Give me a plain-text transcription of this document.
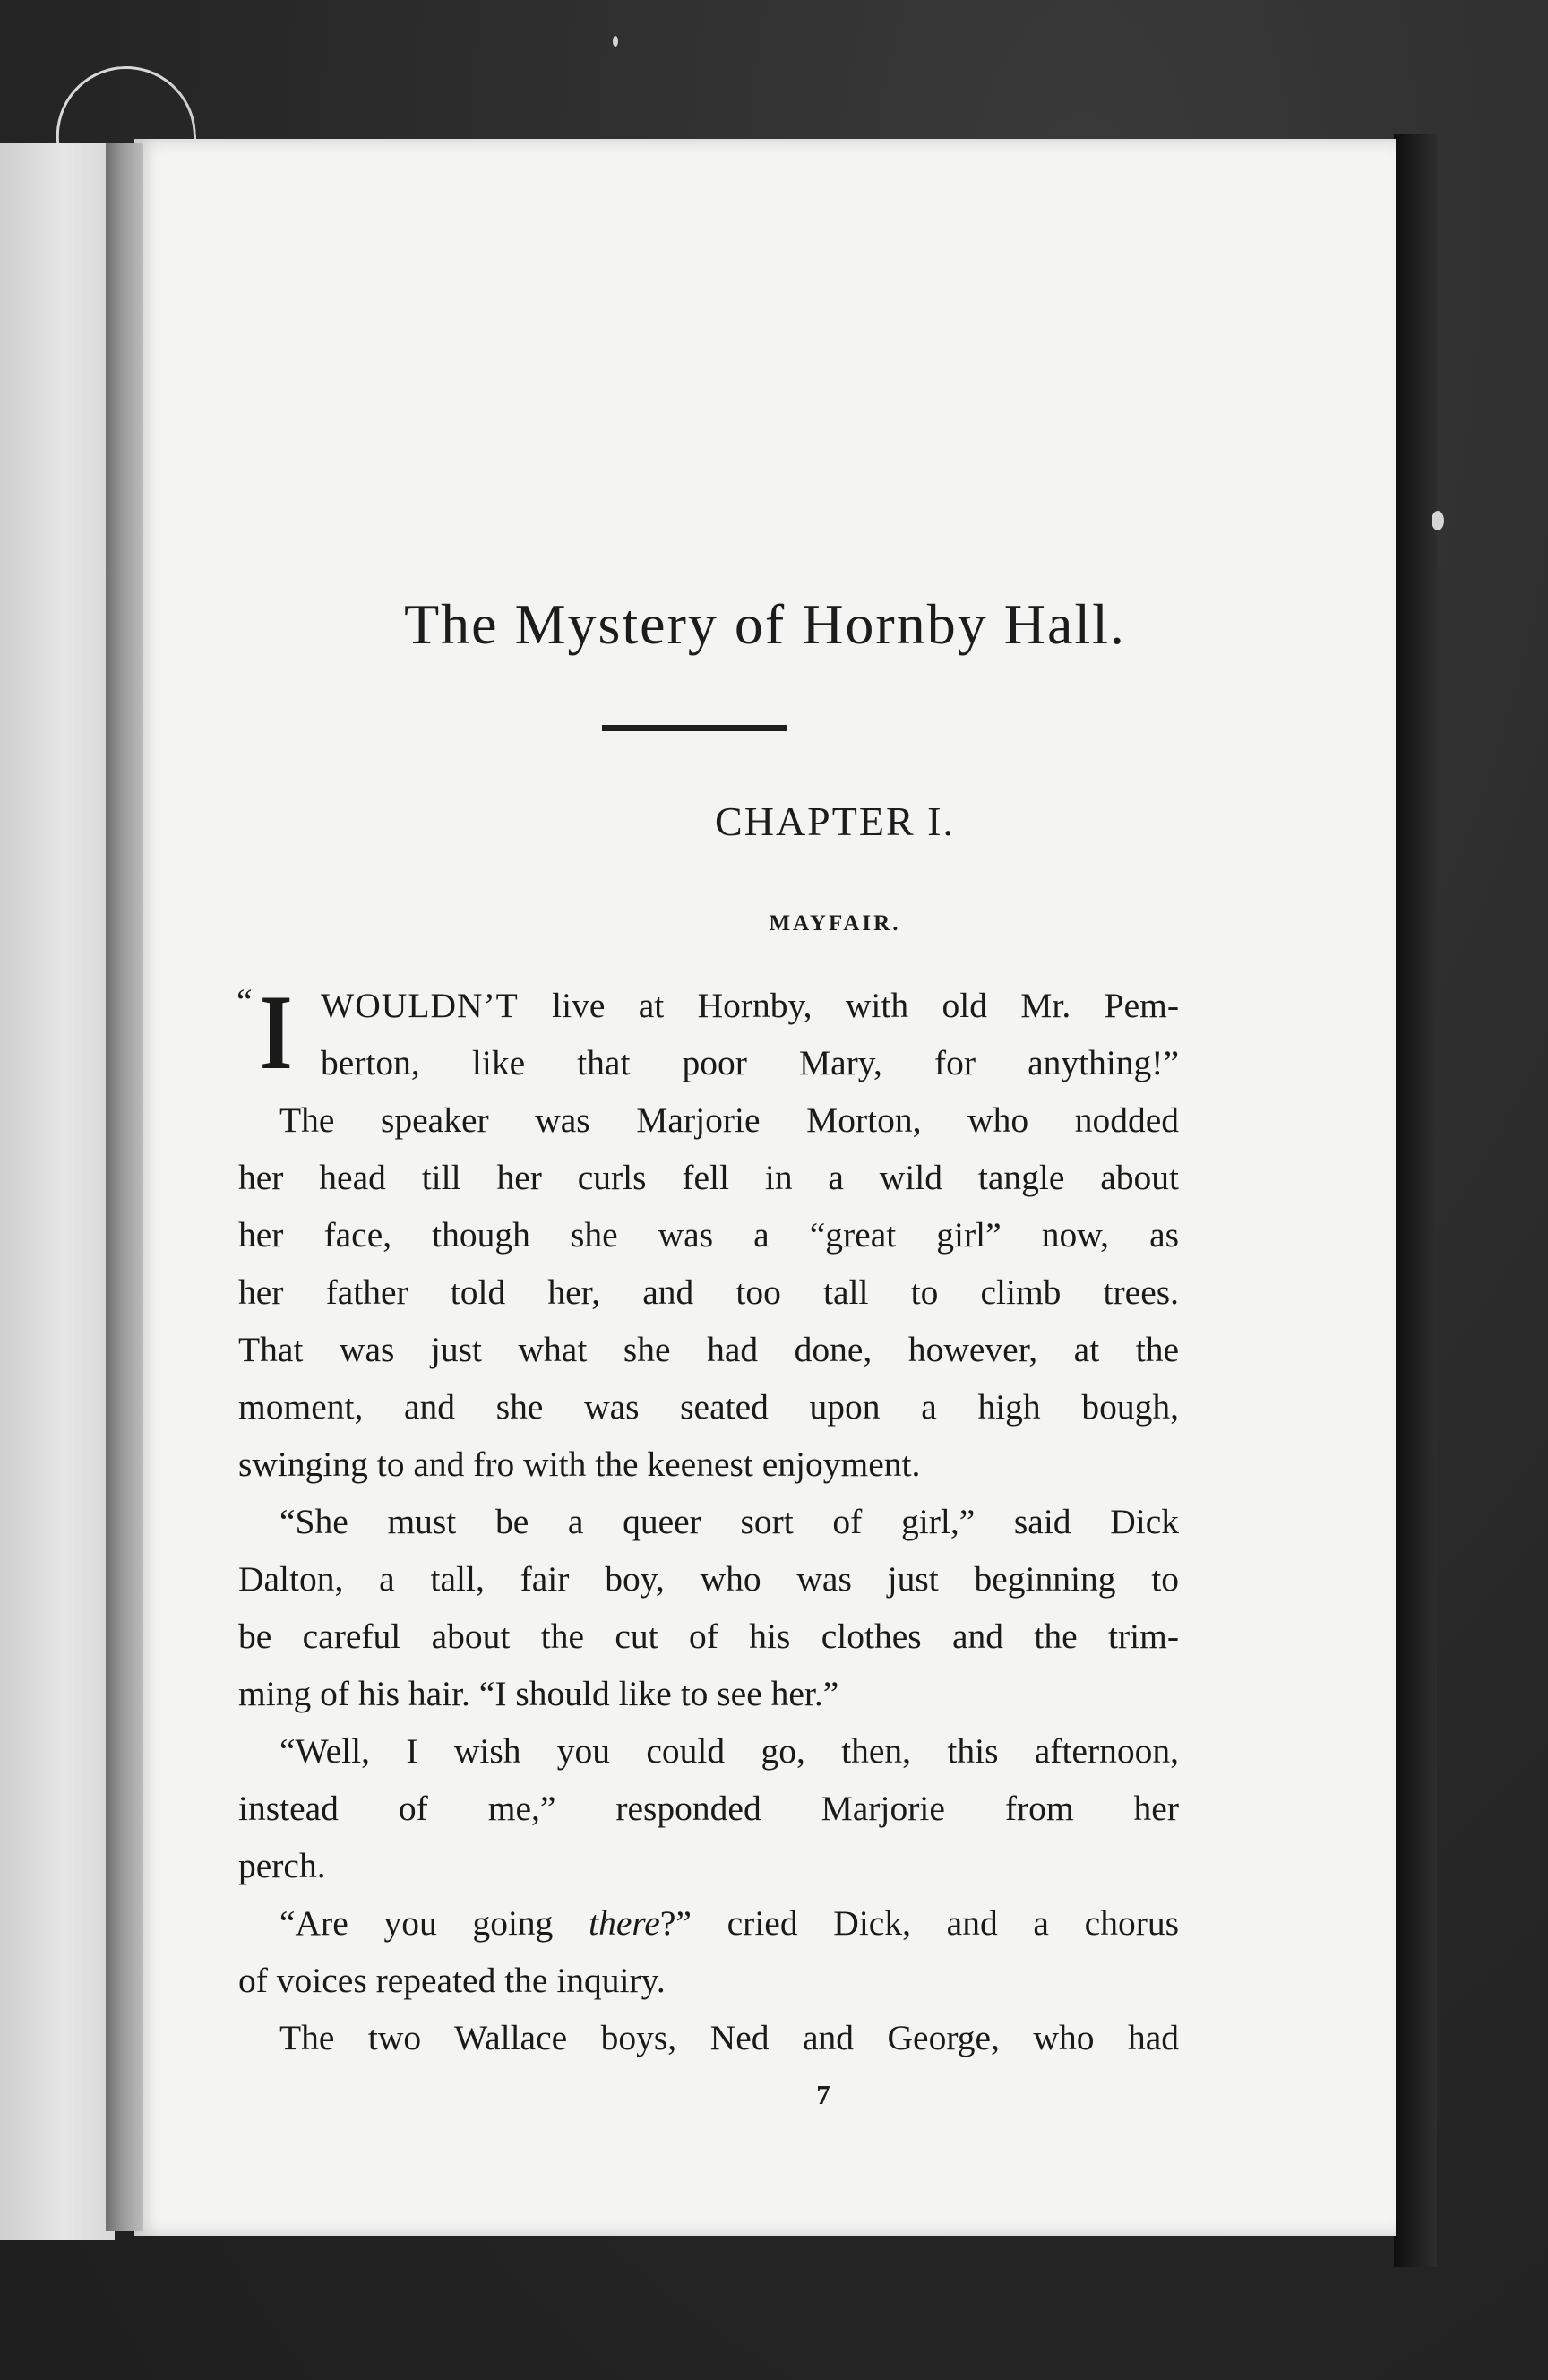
The Mystery of Hornby Hall.
CHAPTER I.
MAYFAIR.
“ I WOULDN’T live at Hornby, with old Mr. Pem-
berton, like that poor Mary, for anything!”
The speaker was Marjorie Morton, who nodded
her head till her curls fell in a wild tangle about
her face, though she was a “great girl” now, as
her father told her, and too tall to climb trees.
That was just what she had done, however, at the
moment, and she was seated upon a high bough,
swinging to and fro with the keenest enjoyment.
“She must be a queer sort of girl,” said Dick
Dalton, a tall, fair boy, who was just beginning to
be careful about the cut of his clothes and the trim-
ming of his hair. “I should like to see her.”
“Well, I wish you could go, then, this afternoon,
instead of me,” responded Marjorie from her
perch.
“Are you going there?” cried Dick, and a chorus
of voices repeated the inquiry.
The two Wallace boys, Ned and George, who had
7
